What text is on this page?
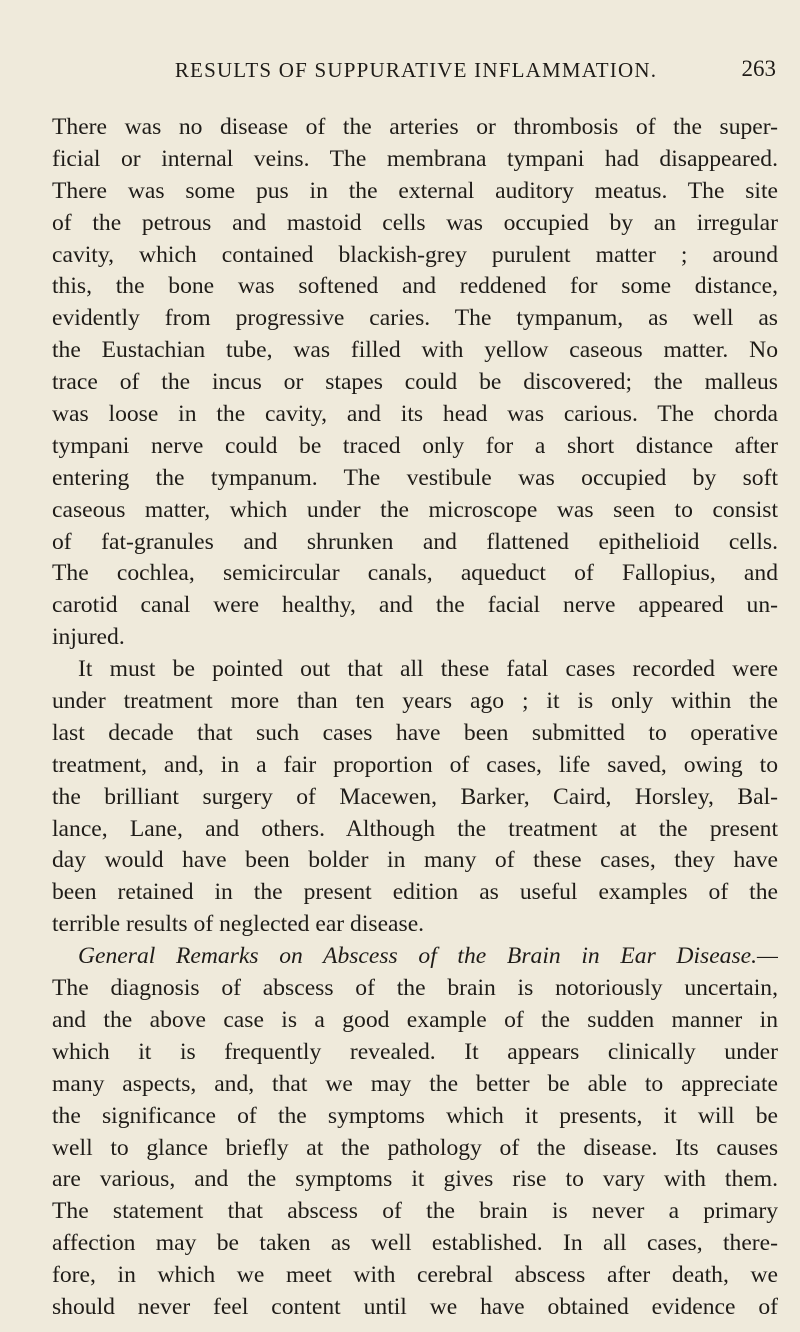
RESULTS OF SUPPURATIVE INFLAMMATION.	263
There was no disease of the arteries or thrombosis of the super-
ficial or internal veins. The membrana tympani had disappeared.
There was some pus in the external auditory meatus. The site
of the petrous and mastoid cells was occupied by an irregular
cavity, which contained blackish-grey purulent matter ; around
this, the bone was softened and reddened for some distance,
evidently from progressive caries. The tympanum, as well as
the Eustachian tube, was filled with yellow caseous matter. No
trace of the incus or stapes could be discovered; the malleus
was loose in the cavity, and its head was carious. The chorda
tympani nerve could be traced only for a short distance after
entering the tympanum. The vestibule was occupied by soft
caseous matter, which under the microscope was seen to consist
of fat-granules and shrunken and flattened epithelioid cells.
The cochlea, semicircular canals, aqueduct of Fallopius, and
carotid canal were healthy, and the facial nerve appeared un-
injured.
It must be pointed out that all these fatal cases recorded were
under treatment more than ten years ago ; it is only within the
last decade that such cases have been submitted to operative
treatment, and, in a fair proportion of cases, life saved, owing to
the brilliant surgery of Macewen, Barker, Caird, Horsley, Bal-
lance, Lane, and others. Although the treatment at the present
day would have been bolder in many of these cases, they have
been retained in the present edition as useful examples of the
terrible results of neglected ear disease.
General Remarks on Abscess of the Brain in Ear Disease.—
The diagnosis of abscess of the brain is notoriously uncertain,
and the above case is a good example of the sudden manner in
which it is frequently revealed. It appears clinically under
many aspects, and, that we may the better be able to appreciate
the significance of the symptoms which it presents, it will be
well to glance briefly at the pathology of the disease. Its causes
are various, and the symptoms it gives rise to vary with them.
The statement that abscess of the brain is never a primary
affection may be taken as well established. In all cases, there-
fore, in which we meet with cerebral abscess after death, we
should never feel content until we have obtained evidence of
